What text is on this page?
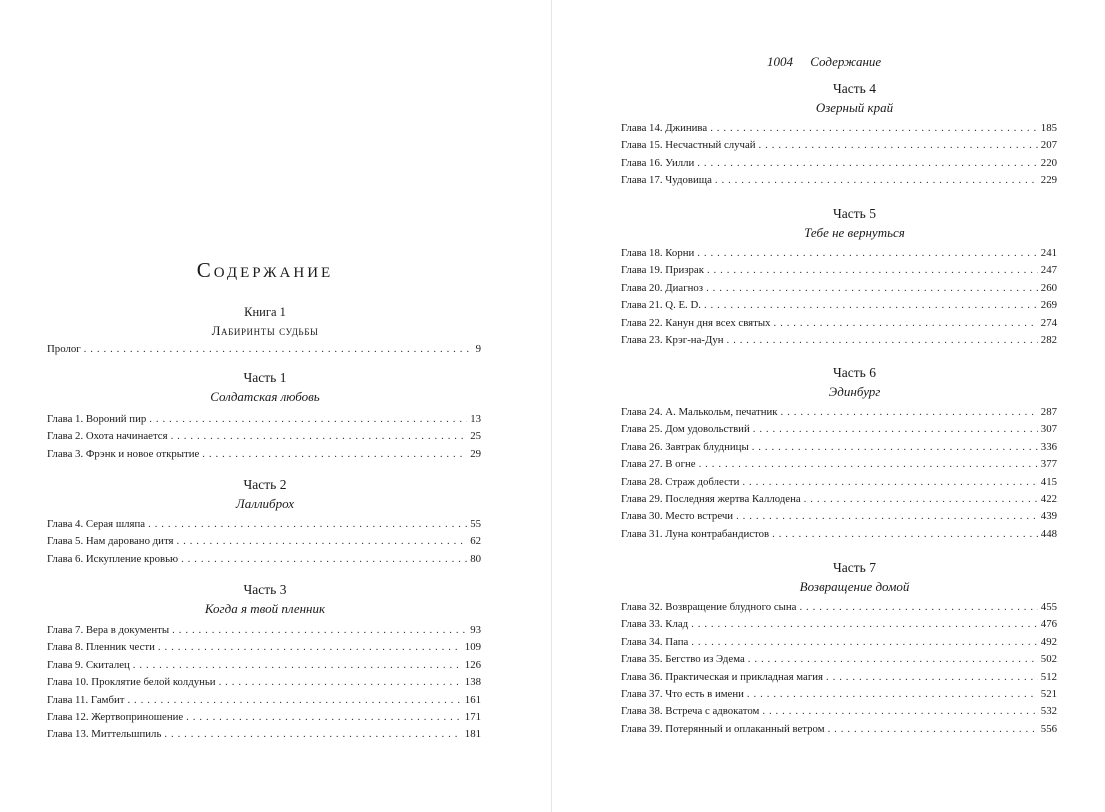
Содержание
Книга 1
Лабиринты судьбы
Пролог . . .	9
Часть 1
Солдатская любовь
Глава 1. Вороний пир . . .	13
Глава 2. Охота начинается . . .	25
Глава 3. Фрэнк и новое открытие . . .	29
Часть 2
Лаллиброх
Глава 4. Серая шляпа . . .	55
Глава 5. Нам даровано дитя . . .	62
Глава 6. Искупление кровью . . .	80
Часть 3
Когда я твой пленник
Глава 7. Вера в документы . . .	93
Глава 8. Пленник чести . . .	109
Глава 9. Скиталец . . .	126
Глава 10. Проклятие белой колдуньи . . .	138
Глава 11. Гамбит . . .	161
Глава 12. Жертвоприношение . . .	171
Глава 13. Миттельшпиль . . .	181
1004 Содержание
Часть 4
Озерный край
Глава 14. Джинива . . .	185
Глава 15. Несчастный случай . . .	207
Глава 16. Уилли . . .	220
Глава 17. Чудовища . . .	229
Часть 5
Тебе не вернуться
Глава 18. Корни . . .	241
Глава 19. Призрак . . .	247
Глава 20. Диагноз . . .	260
Глава 21. Q. E. D. . . .	269
Глава 22. Канун дня всех святых . . .	274
Глава 23. Крэг-на-Дун . . .	282
Часть 6
Эдинбург
Глава 24. А. Малькольм, печатник . . .	287
Глава 25. Дом удовольствий . . .	307
Глава 26. Завтрак блудницы . . .	336
Глава 27. В огне . . .	377
Глава 28. Страж доблести . . .	415
Глава 29. Последняя жертва Каллодена . . .	422
Глава 30. Место встречи . . .	439
Глава 31. Луна контрабандистов . . .	448
Часть 7
Возвращение домой
Глава 32. Возвращение блудного сына . . .	455
Глава 33. Клад . . .	476
Глава 34. Папа . . .	492
Глава 35. Бегство из Эдема . . .	502
Глава 36. Практическая и прикладная магия . . .	512
Глава 37. Что есть в имени . . .	521
Глава 38. Встреча с адвокатом . . .	532
Глава 39. Потерянный и оплаканный ветром . . .	556
